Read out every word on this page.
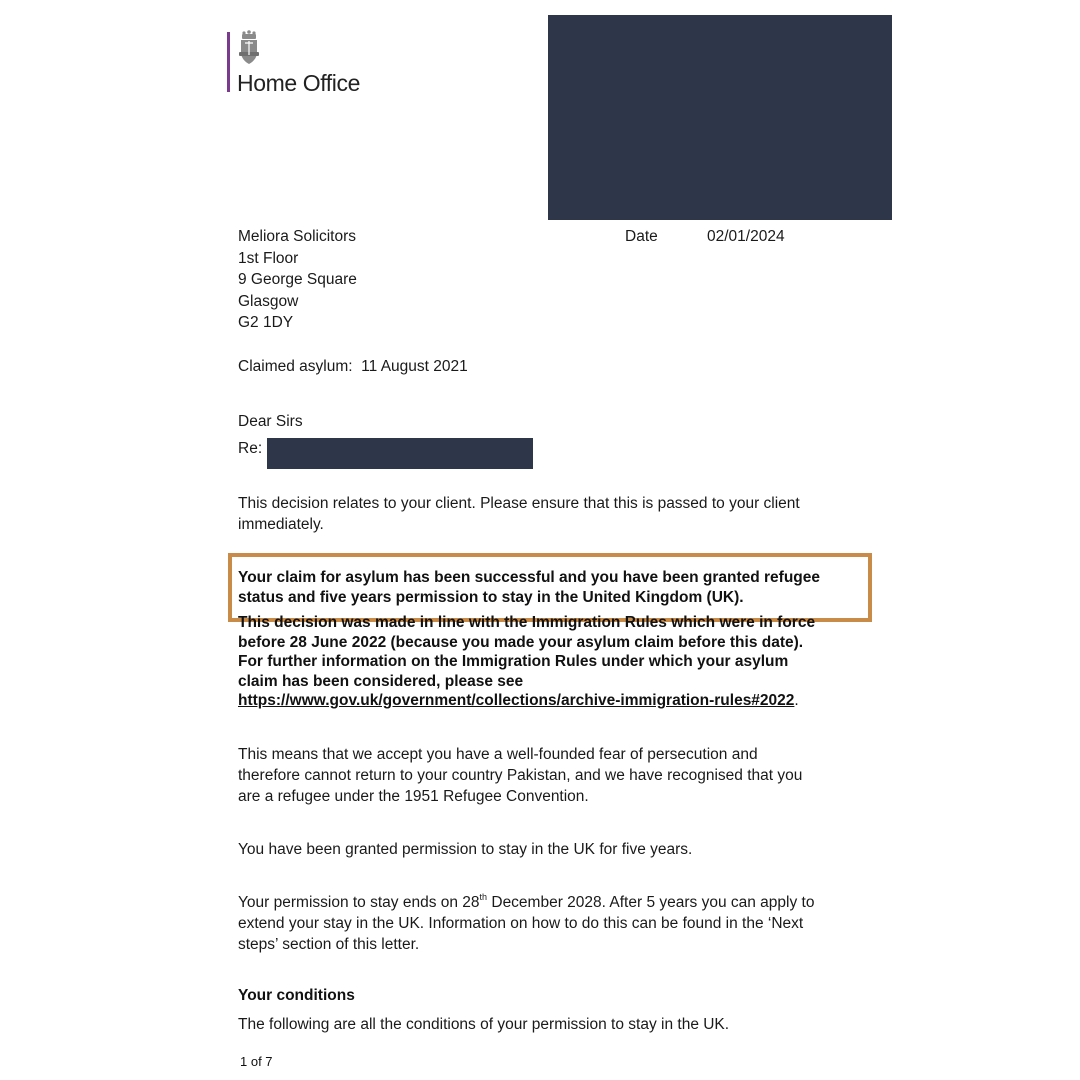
Home Office
Meliora Solicitors
1st Floor
9 George Square
Glasgow
G2 1DY
Date	02/01/2024
Claimed asylum:  11 August 2021
Dear Sirs
Re:
This decision relates to your client. Please ensure that this is passed to your client
immediately.
Your claim for asylum has been successful and you have been granted refugee
status and five years permission to stay in the United Kingdom (UK).
This decision was made in line with the Immigration Rules which were in force
before 28 June 2022 (because you made your asylum claim before this date).
For further information on the Immigration Rules under which your asylum
claim has been considered, please see
https://www.gov.uk/government/collections/archive-immigration-rules#2022.
This means that we accept you have a well-founded fear of persecution and
therefore cannot return to your country Pakistan, and we have recognised that you
are a refugee under the 1951 Refugee Convention.
You have been granted permission to stay in the UK for five years.
Your permission to stay ends on 28th December 2028. After 5 years you can apply to
extend your stay in the UK. Information on how to do this can be found in the ‘Next
steps’ section of this letter.
Your conditions
The following are all the conditions of your permission to stay in the UK.
1 of 7
